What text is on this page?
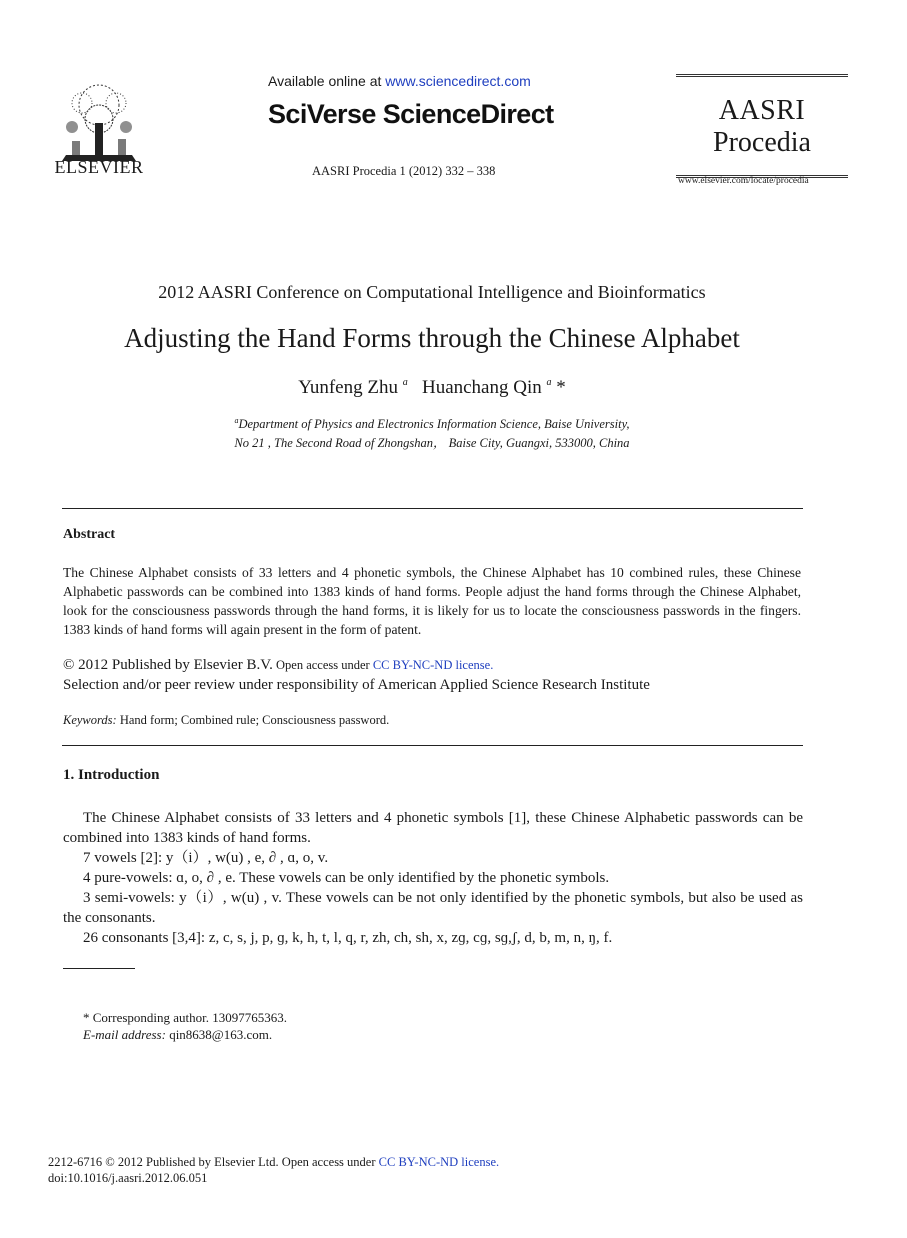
ELSEVIER
Available online at www.sciencedirect.com
SciVerse ScienceDirect
AASRI Procedia 1 (2012) 332 – 338
AASRI
Procedia
www.elsevier.com/locate/procedia
2012 AASRI Conference on Computational Intelligence and Bioinformatics
Adjusting the Hand Forms through the Chinese Alphabet
Yunfeng Zhu $^a$ Huanchang Qin $^a$ *
$^a$Department of Physics and Electronics Information Science, Baise University,
No 21 , The Second Road of Zhongshan， Baise City, Guangxi, 533000, China
Abstract
The Chinese Alphabet consists of 33 letters and 4 phonetic symbols, the Chinese Alphabet has 10 combined rules, these Chinese Alphabetic passwords can be combined into 1383 kinds of hand forms. People adjust the hand forms through the Chinese Alphabet, look for the consciousness passwords through the hand forms, it is likely for us to locate the consciousness passwords in the fingers. 1383 kinds of hand forms will again present in the form of patent.
© 2012 Published by Elsevier B.V. Open access under CC BY-NC-ND license.
Selection and/or peer review under responsibility of American Applied Science Research Institute
Keywords: Hand form; Combined rule; Consciousness password.
1. Introduction

The Chinese Alphabet consists of 33 letters and 4 phonetic symbols [1], these Chinese Alphabetic passwords can be combined into 1383 kinds of hand forms.

7 vowels [2]: y（i）, w(u) , e, ∂ , ɑ, o, v.

4 pure-vowels: ɑ, o, ∂ , e. These vowels can be only identified by the phonetic symbols.

3 semi-vowels: y（i）, w(u) , v. These vowels can be not only identified by the phonetic symbols, but also be used as the consonants.

26 consonants [3,4]: z, c, s, j, p, ɡ, k, h, t, l, q, r, zh, ch, sh, x, zɡ, cɡ, sɡ,ʃ, d, b, m, n, ŋ, f.

* Corresponding author. 13097765363.
E-mail address: qin8638@163.com.
2212-6716 © 2012 Published by Elsevier Ltd. Open access under CC BY-NC-ND license.
doi:10.1016/j.aasri.2012.06.051
